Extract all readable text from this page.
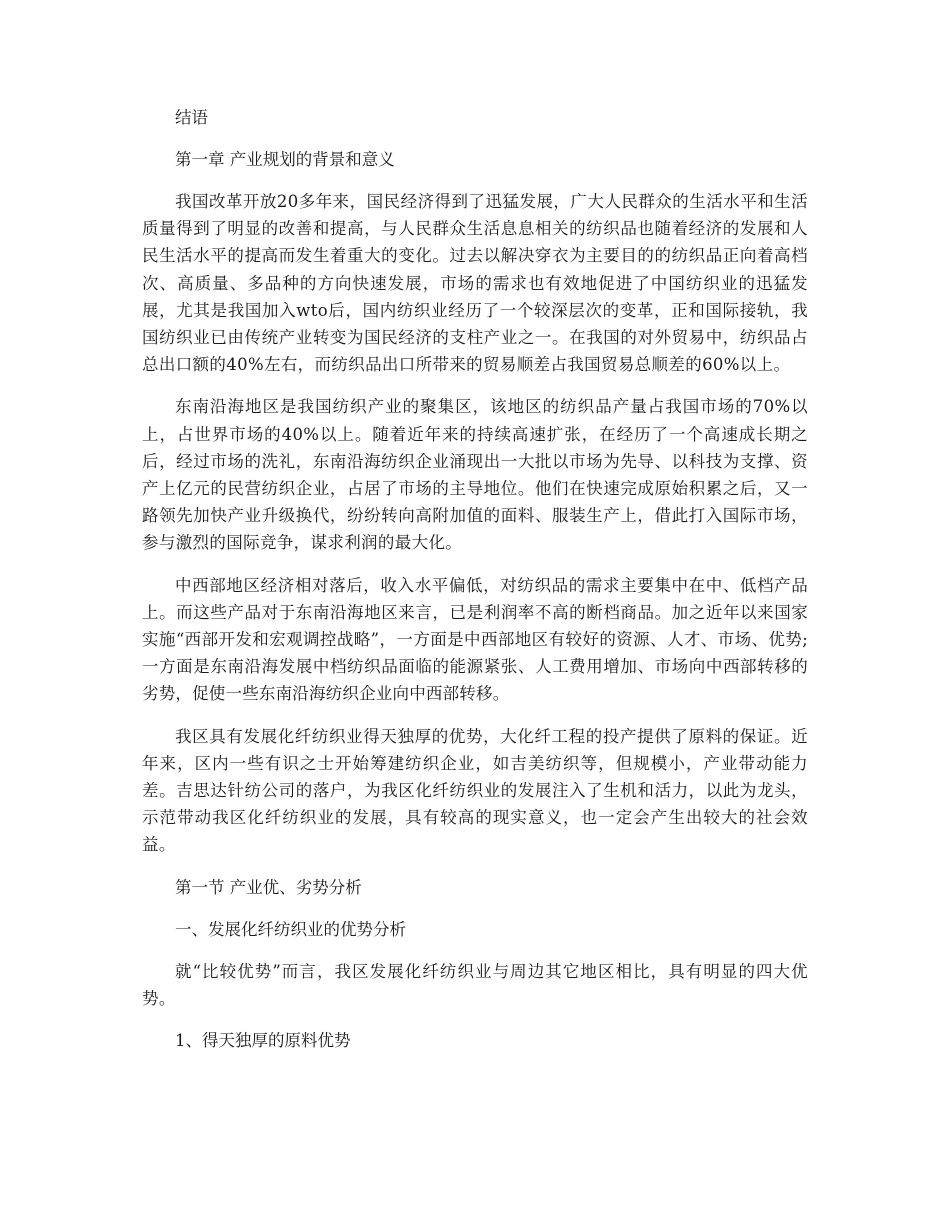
结语

第一章 产业规划的背景和意义

我国改革开放20多年来，国民经济得到了迅猛发展，广大人民群众的生活水平和生活质量得到了明显的改善和提高，与人民群众生活息息相关的纺织品也随着经济的发展和人民生活水平的提高而发生着重大的变化。过去以解决穿衣为主要目的的纺织品正向着高档次、高质量、多品种的方向快速发展，市场的需求也有效地促进了中国纺织业的迅猛发展，尤其是我国加入wto后，国内纺织业经历了一个较深层次的变革，正和国际接轨，我国纺织业已由传统产业转变为国民经济的支柱产业之一。在我国的对外贸易中，纺织品占总出口额的40%左右，而纺织品出口所带来的贸易顺差占我国贸易总顺差的60%以上。

东南沿海地区是我国纺织产业的聚集区，该地区的纺织品产量占我国市场的70%以上，占世界市场的40%以上。随着近年来的持续高速扩张，在经历了一个高速成长期之后，经过市场的洗礼，东南沿海纺织企业涌现出一大批以市场为先导、以科技为支撑、资产上亿元的民营纺织企业，占居了市场的主导地位。他们在快速完成原始积累之后，又一路领先加快产业升级换代，纷纷转向高附加值的面料、服装生产上，借此打入国际市场，参与激烈的国际竞争，谋求利润的最大化。

中西部地区经济相对落后，收入水平偏低，对纺织品的需求主要集中在中、低档产品上。而这些产品对于东南沿海地区来言，已是利润率不高的断档商品。加之近年以来国家实施“西部开发和宏观调控战略”，一方面是中西部地区有较好的资源、人才、市场、优势;一方面是东南沿海发展中档纺织品面临的能源紧张、人工费用增加、市场向中西部转移的劣势，促使一些东南沿海纺织企业向中西部转移。

我区具有发展化纤纺织业得天独厚的优势，大化纤工程的投产提供了原料的保证。近年来，区内一些有识之士开始筹建纺织企业，如吉美纺织等，但规模小，产业带动能力差。吉思达针纺公司的落户，为我区化纤纺织业的发展注入了生机和活力，以此为龙头，示范带动我区化纤纺织业的发展，具有较高的现实意义，也一定会产生出较大的社会效益。

第一节 产业优、劣势分析

一、发展化纤纺织业的优势分析

就“比较优势”而言，我区发展化纤纺织业与周边其它地区相比，具有明显的四大优势。

1、得天独厚的原料优势
